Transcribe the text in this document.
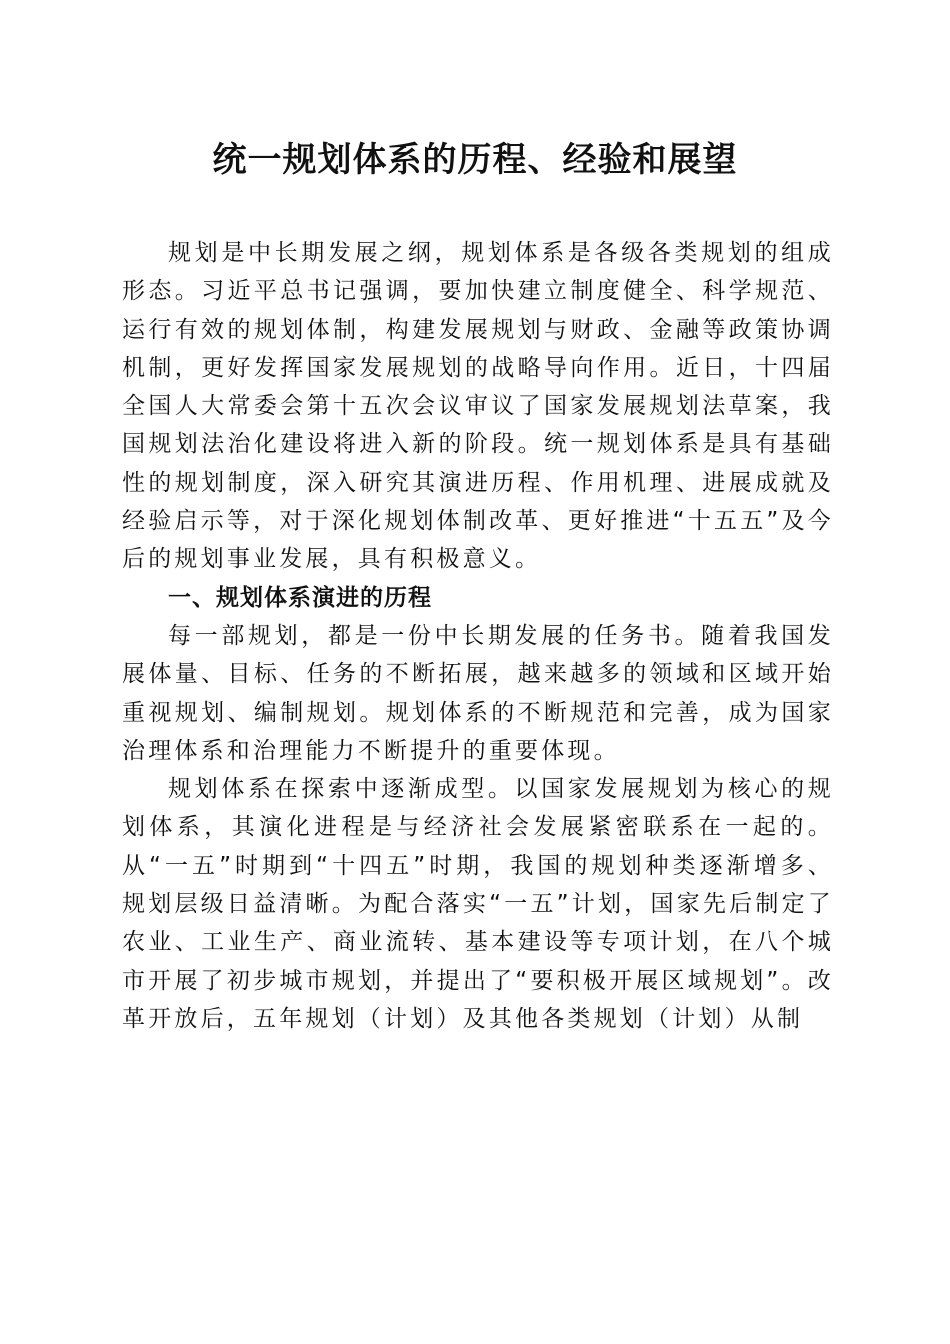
统一规划体系的历程、经验和展望

规划是中长期发展之纲，规划体系是各级各类规划的组成形态。习近平总书记强调，要加快建立制度健全、科学规范、运行有效的规划体制，构建发展规划与财政、金融等政策协调机制，更好发挥国家发展规划的战略导向作用。近日，十四届全国人大常委会第十五次会议审议了国家发展规划法草案，我国规划法治化建设将进入新的阶段。统一规划体系是具有基础性的规划制度，深入研究其演进历程、作用机理、进展成就及经验启示等，对于深化规划体制改革、更好推进“十五五”及今后的规划事业发展，具有积极意义。

一、规划体系演进的历程

每一部规划，都是一份中长期发展的任务书。随着我国发展体量、目标、任务的不断拓展，越来越多的领域和区域开始重视规划、编制规划。规划体系的不断规范和完善，成为国家治理体系和治理能力不断提升的重要体现。

规划体系在探索中逐渐成型。以国家发展规划为核心的规划体系，其演化进程是与经济社会发展紧密联系在一起的。从“一五”时期到“十四五”时期，我国的规划种类逐渐增多、规划层级日益清晰。为配合落实“一五”计划，国家先后制定了农业、工业生产、商业流转、基本建设等专项计划，在八个城市开展了初步城市规划，并提出了“要积极开展区域规划”。改革开放后，五年规划（计划）及其他各类规划（计划）从制
